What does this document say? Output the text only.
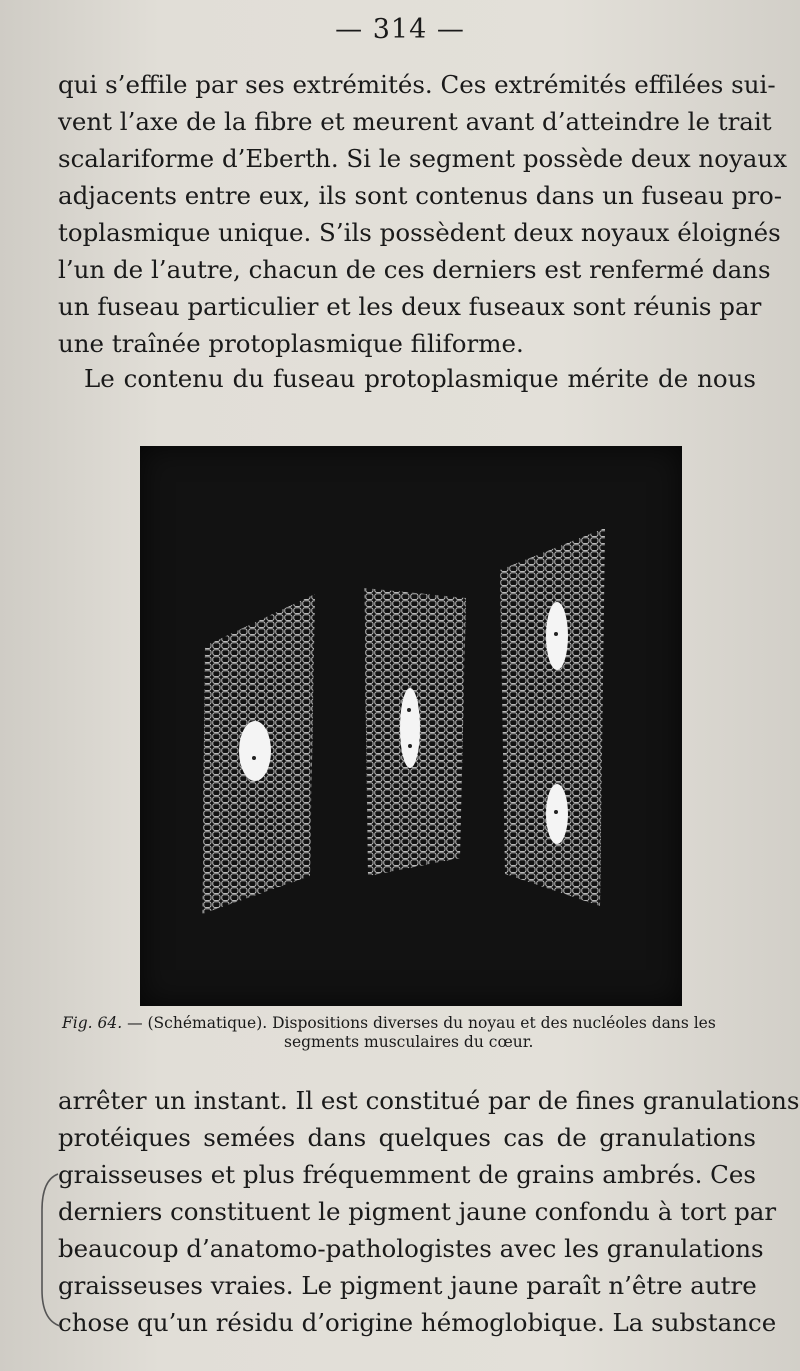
— 314 —
qui s’effile par ses extrémités. Ces extrémités effilées sui-
vent l’axe de la fibre et meurent avant d’atteindre le trait
scalariforme d’Eberth. Si le segment possède deux noyaux
adjacents entre eux, ils sont contenus dans un fuseau pro-
toplasmique unique. S’ils possèdent deux noyaux éloignés
l’un de l’autre, chacun de ces derniers est renfermé dans
un fuseau particulier et les deux fuseaux sont réunis par
une traînée protoplasmique filiforme.
Le contenu du fuseau protoplasmique mérite de nous
Fig. 64. — (Schématique). Dispositions diverses du noyau et des nucléoles dans les
segments musculaires du cœur.
arrêter un instant. Il est constitué par de fines granulations
protéiques semées dans quelques cas de granulations
graisseuses et plus fréquemment de grains ambrés. Ces
derniers constituent le pigment jaune confondu à tort par
beaucoup d’anatomo-pathologistes avec les granulations
graisseuses vraies. Le pigment jaune paraît n’être autre
chose qu’un résidu d’origine hémoglobique. La substance
